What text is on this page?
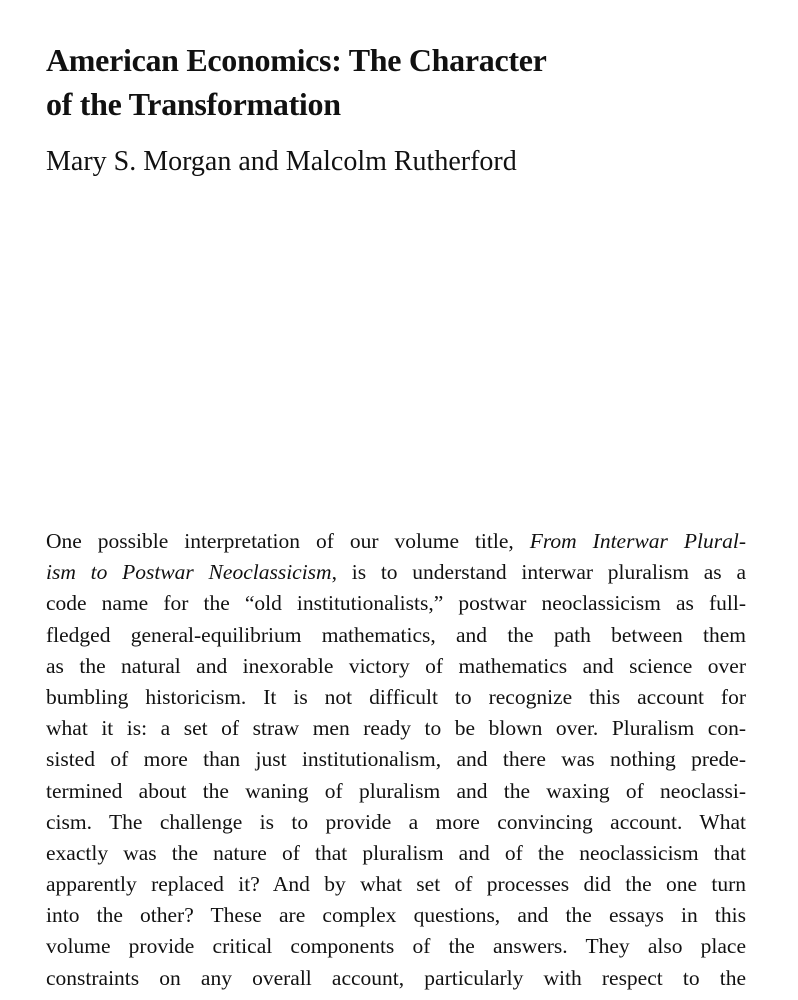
American Economics: The Character
of the Transformation

Mary S. Morgan and Malcolm Rutherford

One possible interpretation of our volume title, From Interwar Plural-
ism to Postwar Neoclassicism, is to understand interwar pluralism as a
code name for the “old institutionalists,” postwar neoclassicism as full-
fledged general-equilibrium mathematics, and the path between them
as the natural and inexorable victory of mathematics and science over
bumbling historicism. It is not difficult to recognize this account for
what it is: a set of straw men ready to be blown over. Pluralism con-
sisted of more than just institutionalism, and there was nothing prede-
termined about the waning of pluralism and the waxing of neoclassi-
cism. The challenge is to provide a more convincing account. What
exactly was the nature of that pluralism and of the neoclassicism that
apparently replaced it? And by what set of processes did the one turn
into the other? These are complex questions, and the essays in this
volume provide critical components of the answers. They also place
constraints on any overall account, particularly with respect to the
